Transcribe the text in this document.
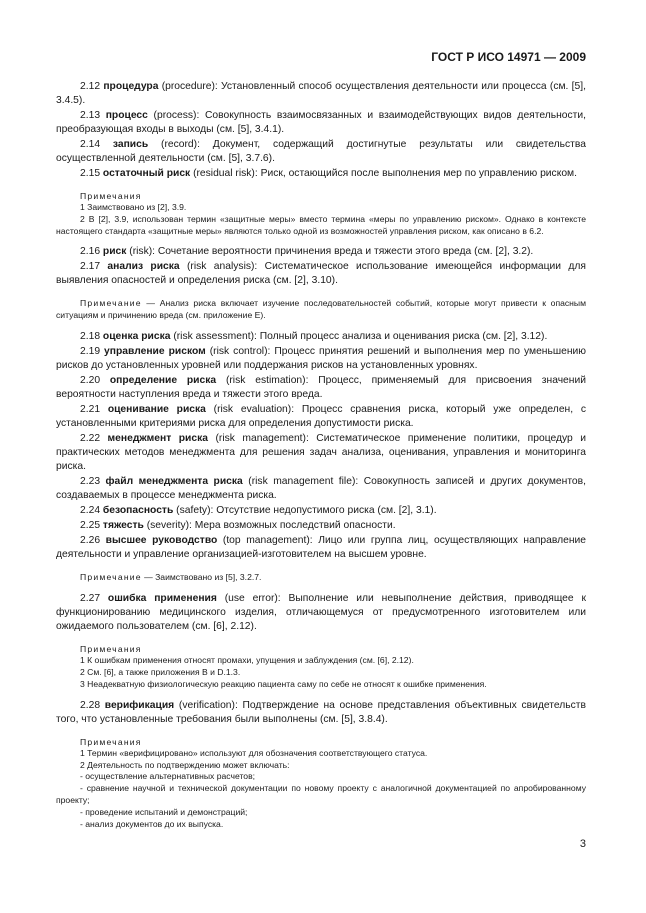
ГОСТ Р ИСО 14971 — 2009

2.12 процедура (procedure): Установленный способ осуществления деятельности или процесса (см. [5], 3.4.5).

2.13 процесс (process): Совокупность взаимосвязанных и взаимодействующих видов деятельности, преобразующая входы в выходы (см. [5], 3.4.1).

2.14 запись (record): Документ, содержащий достигнутые результаты или свидетельства осуществленной деятельности (см. [5], 3.7.6).

2.15 остаточный риск (residual risk): Риск, остающийся после выполнения мер по управлению риском.

Примечания

1 Заимствовано из [2], 3.9.

2 В [2], 3.9, использован термин «защитные меры» вместо термина «меры по управлению риском». Однако в контексте настоящего стандарта «защитные меры» являются только одной из возможностей управления риском, как описано в 6.2.

2.16 риск (risk): Сочетание вероятности причинения вреда и тяжести этого вреда (см. [2], 3.2).

2.17 анализ риска (risk analysis): Систематическое использование имеющейся информации для выявления опасностей и определения риска (см. [2], 3.10).

Примечание — Анализ риска включает изучение последовательностей событий, которые могут привести к опасным ситуациям и причинению вреда (см. приложение E).

2.18 оценка риска (risk assessment): Полный процесс анализа и оценивания риска (см. [2], 3.12).

2.19 управление риском (risk control): Процесс принятия решений и выполнения мер по уменьшению рисков до установленных уровней или поддержания рисков на установленных уровнях.

2.20 определение риска (risk estimation): Процесс, применяемый для присвоения значений вероятности наступления вреда и тяжести этого вреда.

2.21 оценивание риска (risk evaluation): Процесс сравнения риска, который уже определен, с установленными критериями риска для определения допустимости риска.

2.22 менеджмент риска (risk management): Систематическое применение политики, процедур и практических методов менеджмента для решения задач анализа, оценивания, управления и мониторинга риска.

2.23 файл менеджмента риска (risk management file): Совокупность записей и других документов, создаваемых в процессе менеджмента риска.

2.24 безопасность (safety): Отсутствие недопустимого риска (см. [2], 3.1).

2.25 тяжесть (severity): Мера возможных последствий опасности.

2.26 высшее руководство (top management): Лицо или группа лиц, осуществляющих направление деятельности и управление организацией-изготовителем на высшем уровне.

Примечание — Заимствовано из [5], 3.2.7.

2.27 ошибка применения (use error): Выполнение или невыполнение действия, приводящее к функционированию медицинского изделия, отличающемуся от предусмотренного изготовителем или ожидаемого пользователем (см. [6], 2.12).

Примечания

1 К ошибкам применения относят промахи, упущения и заблуждения (см. [6], 2.12).

2 См. [6], а также приложения B и D.1.3.

3 Неадекватную физиологическую реакцию пациента саму по себе не относят к ошибке применения.

2.28 верификация (verification): Подтверждение на основе представления объективных свидетельств того, что установленные требования были выполнены (см. [5], 3.8.4).

Примечания

1 Термин «верифицировано» используют для обозначения соответствующего статуса.

2 Деятельность по подтверждению может включать:

- осуществление альтернативных расчетов;

- сравнение научной и технической документации по новому проекту с аналогичной документацией по апробированному проекту;

- проведение испытаний и демонстраций;

- анализ документов до их выпуска.

3
